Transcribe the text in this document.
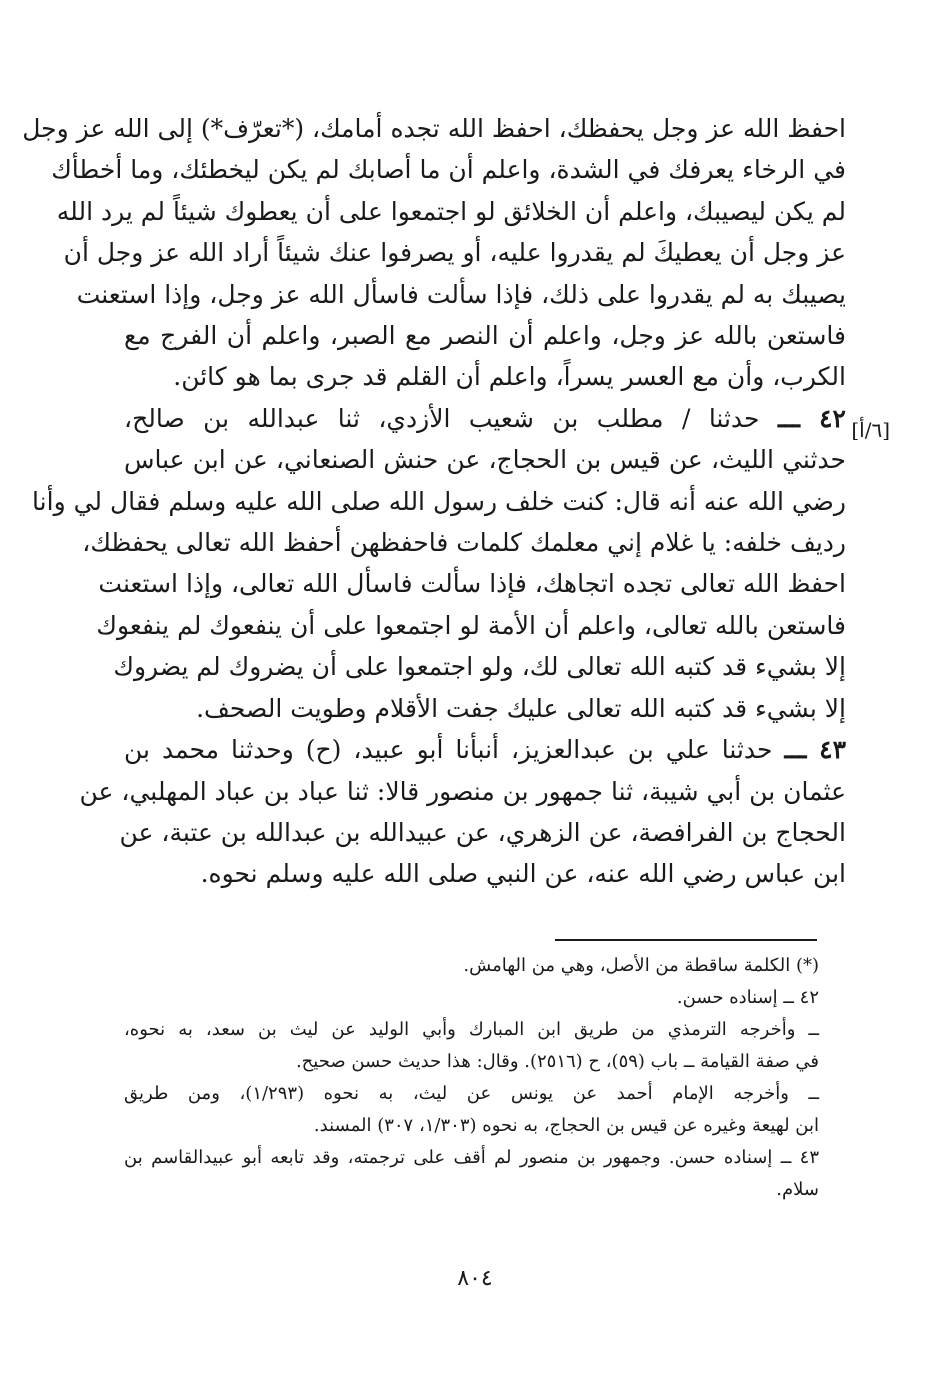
احفظ الله عز وجل يحفظك، احفظ الله تجده أمامك، (*تعرّف*) إلى الله عز وجل
في الرخاء يعرفك في الشدة، واعلم أن ما أصابك لم يكن ليخطئك، وما أخطأك
لم يكن ليصيبك، واعلم أن الخلائق لو اجتمعوا على أن يعطوك شيئاً لم يرد الله
عز وجل أن يعطيكَ لم يقدروا عليه، أو يصرفوا عنك شيئاً أراد الله عز وجل أن
يصيبك به لم يقدروا على ذلك، فإذا سألت فاسأل الله عز وجل، وإذا استعنت
فاستعن بالله عز وجل، واعلم أن النصر مع الصبر، واعلم أن الفرج مع
الكرب، وأن مع العسر يسراً، واعلم أن القلم قد جرى بما هو كائن.
٤٢ ـــ حدثنا / مطلب بن شعيب الأزدي، ثنا عبدالله بن صالح،
حدثني الليث، عن قيس بن الحجاج، عن حنش الصنعاني، عن ابن عباس
رضي الله عنه أنه قال: كنت خلف رسول الله صلى الله عليه وسلم فقال لي وأنا
رديف خلفه: يا غلام إني معلمك كلمات فاحفظهن أحفظ الله تعالى يحفظك،
احفظ الله تعالى تجده اتجاهك، فإذا سألت فاسأل الله تعالى، وإذا استعنت
فاستعن بالله تعالى، واعلم أن الأمة لو اجتمعوا على أن ينفعوك لم ينفعوك
إلا بشيء قد كتبه الله تعالى لك، ولو اجتمعوا على أن يضروك لم يضروك
إلا بشيء قد كتبه الله تعالى عليك جفت الأقلام وطويت الصحف.
٤٣ ـــ حدثنا علي بن عبدالعزيز، أنبأنا أبو عبيد، (ح) وحدثنا محمد بن
عثمان بن أبي شيبة، ثنا جمهور بن منصور قالا: ثنا عباد بن عباد المهلبي، عن
الحجاج بن الفرافصة، عن الزهري، عن عبيدالله بن عبدالله بن عتبة، عن
ابن عباس رضي الله عنه، عن النبي صلى الله عليه وسلم نحوه.
[٦/أ]
(*) الكلمة ساقطة من الأصل، وهي من الهامش.
٤٢ ــ إسناده حسن.
ــ وأخرجه الترمذي من طريق ابن المبارك وأبي الوليد عن ليث بن سعد، به نحوه،
في صفة القيامة ــ باب (٥٩)، ح (٢٥١٦). وقال: هذا حديث حسن صحيح.
ــ وأخرجه الإمام أحمد عن يونس عن ليث، به نحوه (١/٢٩٣)، ومن طريق
ابن لهيعة وغيره عن قيس بن الحجاج، به نحوه (١/٣٠٣، ٣٠٧) المسند.
٤٣ ــ إسناده حسن. وجمهور بن منصور لم أقف على ترجمته، وقد تابعه أبو عبيدالقاسم بن
سلام.
٨٠٤
